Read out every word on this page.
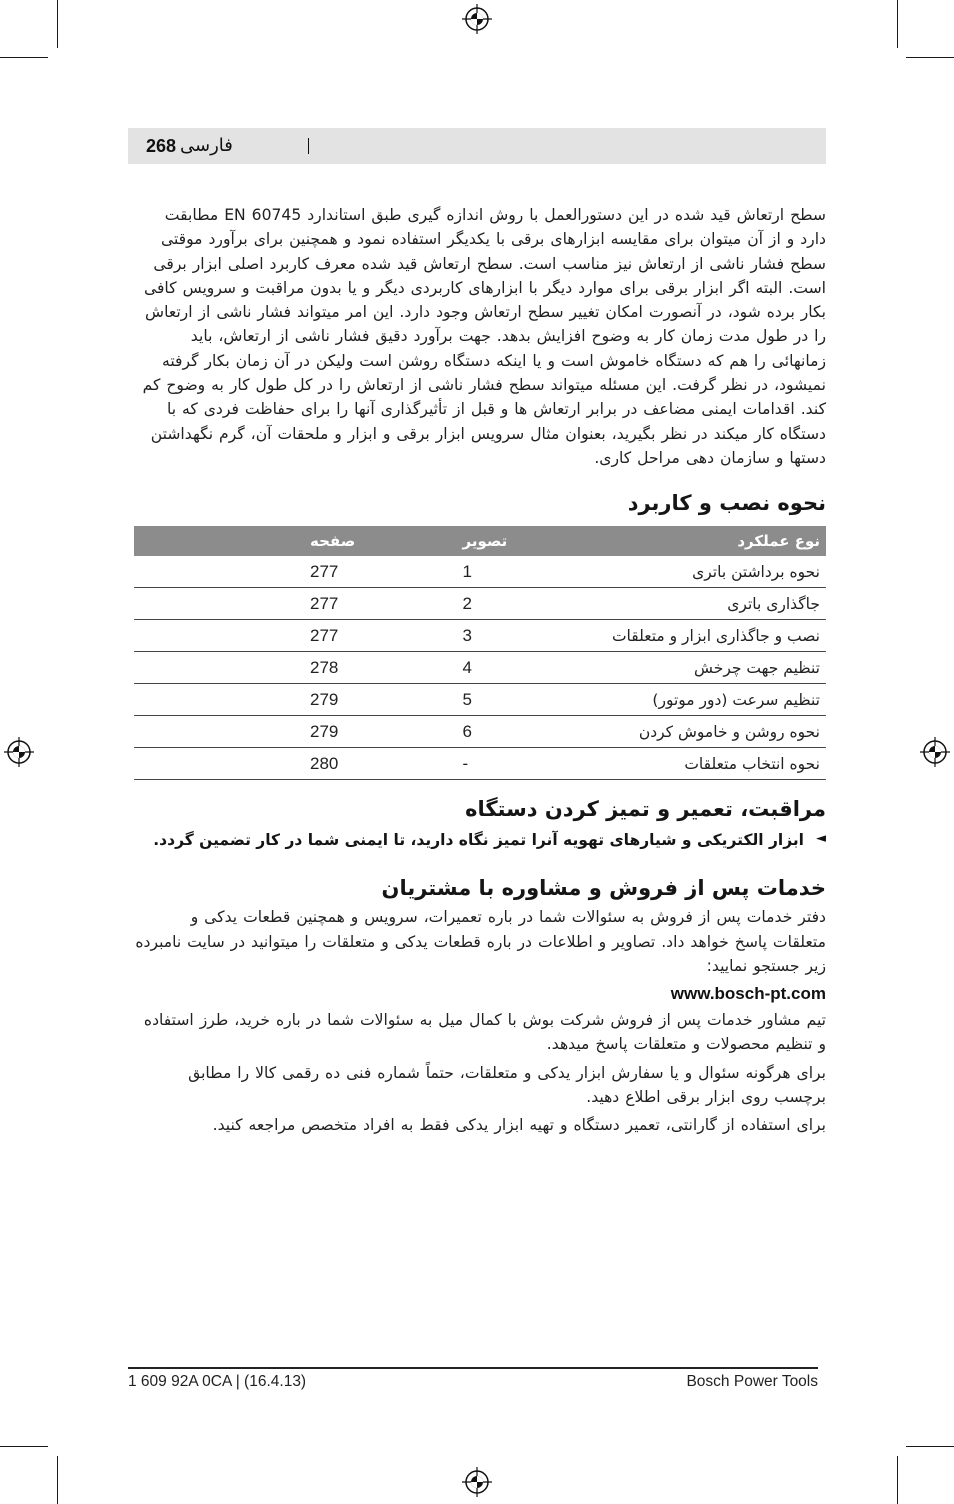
268 فارسی

سطح ارتعاش قید شده در این دستورالعمل با روش اندازه گیری طبق استاندارد EN 60745 مطابقت دارد و از آن میتوان برای مقایسه ابزارهای برقی با یکدیگر استفاده نمود و همچنین برای برآورد موقتی سطح فشار ناشی از ارتعاش نیز مناسب است. سطح ارتعاش قید شده معرف کاربرد اصلی ابزار برقی است. البته اگر ابزار برقی برای موارد دیگر با ابزارهای کاربردی دیگر و یا بدون مراقبت و سرویس کافی بکار برده شود، در آنصورت امکان تغییر سطح ارتعاش وجود دارد. این امر میتواند فشار ناشی از ارتعاش را در طول مدت زمان کار به وضوح افزایش بدهد. جهت برآورد دقیق فشار ناشی از ارتعاش، باید زمانهائی را هم که دستگاه خاموش است و یا اینکه دستگاه روشن است ولیکن در آن زمان بکار گرفته نمیشود، در نظر گرفت. این مسئله میتواند سطح فشار ناشی از ارتعاش را در کل طول کار به وضوح کم کند. اقدامات ایمنی مضاعف در برابر ارتعاش ها و قبل از تأثیرگذاری آنها را برای حفاظت فردی که با دستگاه کار میکند در نظر بگیرید، بعنوان مثال سرویس ابزار برقی و ابزار و ملحقات آن، گرم نگهداشتن دستها و سازمان دهی مراحل کاری.

نحوه نصب و کاربرد
نوع عملکرد	تصویر	صفحه
نحوه برداشتن باتری	1	277
جاگذاری باتری	2	277
نصب و جاگذاری ابزار و متعلقات	3	277
تنظیم جهت چرخش	4	278
تنظیم سرعت (دور موتور)	5	279
نحوه روشن و خاموش کردن	6	279
نحوه انتخاب متعلقات	-	280
مراقبت، تعمیر و تمیز کردن دستگاه
◄
ابزار الکتریکی و شیارهای تهویه آنرا تمیز نگاه دارید، تا ایمنی شما در کار تضمین گردد.
خدمات پس از فروش و مشاوره با مشتریان

دفتر خدمات پس از فروش به سئوالات شما در باره تعمیرات، سرویس و همچنین قطعات یدکی و متعلقات پاسخ خواهد داد. تصاویر و اطلاعات در باره قطعات یدکی و متعلقات را میتوانید در سایت نامبرده زیر جستجو نمایید:

www.bosch-pt.com

تیم مشاور خدمات پس از فروش شرکت بوش با کمال میل به سئوالات شما در باره خرید، طرز استفاده و تنظیم محصولات و متعلقات پاسخ میدهد.

برای هرگونه سئوال و یا سفارش ابزار یدکی و متعلقات، حتماً شماره فنی ده رقمی کالا را مطابق برچسب روی ابزار برقی اطلاع دهید.

برای استفاده از گارانتی، تعمیر دستگاه و تهیه ابزار یدکی فقط به افراد متخصص مراجعه کنید.

1 609 92A 0CA | (16.4.13)	Bosch Power Tools
